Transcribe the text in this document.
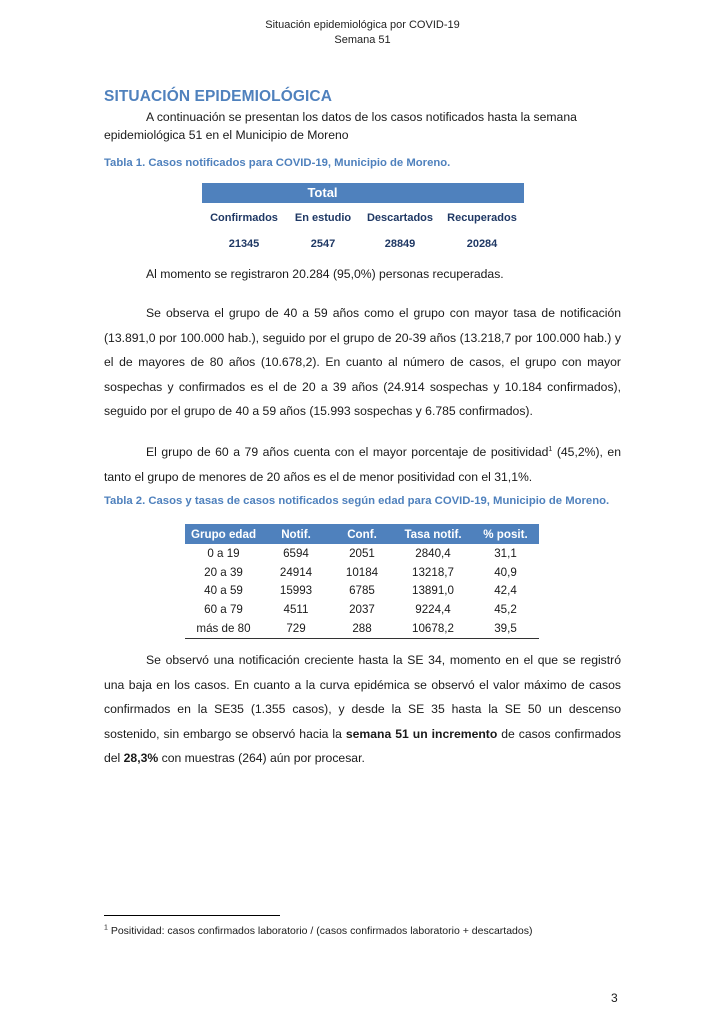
Situación epidemiológica por COVID-19
Semana 51
SITUACIÓN EPIDEMIOLÓGICA
A continuación se presentan los datos de los casos notificados hasta la semana
epidemiológica 51 en el Municipio de Moreno
Tabla 1. Casos notificados para COVID-19, Municipio de Moreno.
Total
Confirmados	En estudio	Descartados	Recuperados
21345	2547	28849	20284
Al momento se registraron 20.284 (95,0%) personas recuperadas.
Se observa el grupo de 40 a 59 años como el grupo con mayor tasa de notificación (13.891,0 por 100.000 hab.), seguido por el grupo de 20-39 años (13.218,7 por 100.000 hab.) y el de mayores de 80 años (10.678,2). En cuanto al número de casos, el grupo con mayor sospechas y confirmados es el de 20 a 39 años (24.914 sospechas y 10.184 confirmados), seguido por el grupo de 40 a 59 años (15.993 sospechas y 6.785 confirmados).
El grupo de 60 a 79 años cuenta con el mayor porcentaje de positividad$^1$ (45,2%), en tanto el grupo de menores de 20 años es el de menor positividad con el 31,1%.
Tabla 2. Casos y tasas de casos notificados según edad para COVID-19, Municipio de Moreno.
Grupo edad	Notif.	Conf.	Tasa notif.	% posit.
0 a 19	6594	2051	2840,4	31,1
20 a 39	24914	10184	13218,7	40,9
40 a 59	15993	6785	13891,0	42,4
60 a 79	4511	2037	9224,4	45,2
más de 80	729	288	10678,2	39,5
Se observó una notificación creciente hasta la SE 34, momento en el que se registró una baja en los casos. En cuanto a la curva epidémica se observó el valor máximo de casos confirmados en la SE35 (1.355 casos), y desde la SE 35 hasta la SE 50 un descenso sostenido, sin embargo se observó hacia la semana 51 un incremento de casos confirmados del 28,3% con muestras (264) aún por procesar.
$^1$ Positividad: casos confirmados laboratorio / (casos confirmados laboratorio + descartados)
3
